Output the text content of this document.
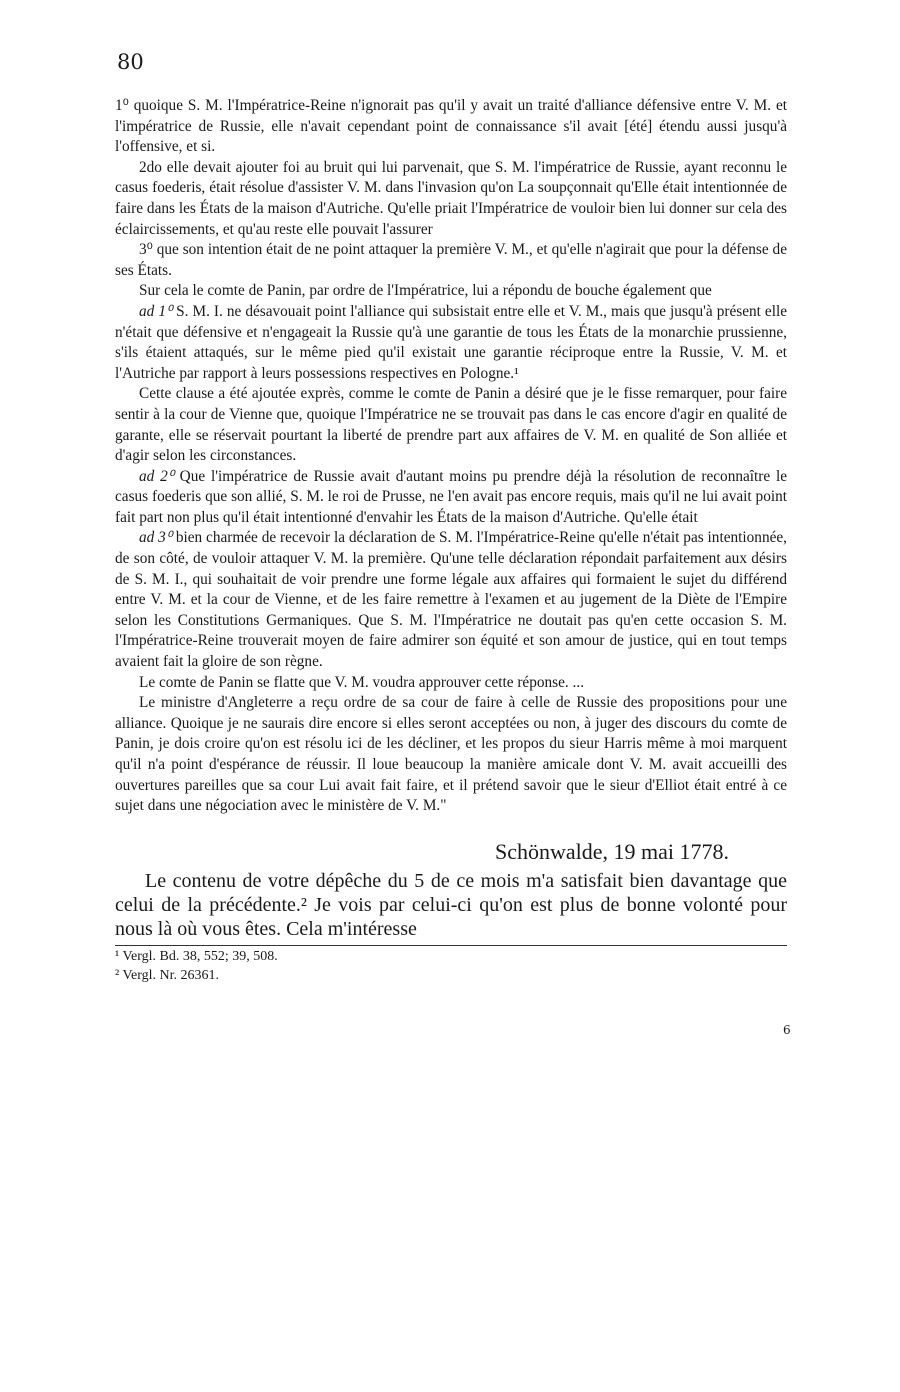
80

1⁰ quoique S. M. l'Impératrice-Reine n'ignorait pas qu'il y avait un traité d'alliance défensive entre V. M. et l'impératrice de Russie, elle n'avait cependant point de connaissance s'il avait [été] étendu aussi jusqu'à l'offensive, et si.

2do elle devait ajouter foi au bruit qui lui parvenait, que S. M. l'impératrice de Russie, ayant reconnu le casus foederis, était résolue d'assister V. M. dans l'invasion qu'on La soupçonnait qu'Elle était intentionnée de faire dans les États de la maison d'Autriche. Qu'elle priait l'Impératrice de vouloir bien lui donner sur cela des éclaircissements, et qu'au reste elle pouvait l'assurer

3⁰ que son intention était de ne point attaquer la première V. M., et qu'elle n'agirait que pour la défense de ses États.

Sur cela le comte de Panin, par ordre de l'Impératrice, lui a répondu de bouche également que

ad 1⁰ S. M. I. ne désavouait point l'alliance qui subsistait entre elle et V. M., mais que jusqu'à présent elle n'était que défensive et n'engageait la Russie qu'à une garantie de tous les États de la monarchie prussienne, s'ils étaient attaqués, sur le même pied qu'il existait une garantie réciproque entre la Russie, V. M. et l'Autriche par rapport à leurs possessions respectives en Pologne.¹

Cette clause a été ajoutée exprès, comme le comte de Panin a désiré que je le fisse remarquer, pour faire sentir à la cour de Vienne que, quoique l'Impératrice ne se trouvait pas dans le cas encore d'agir en qualité de garante, elle se réservait pourtant la liberté de prendre part aux affaires de V. M. en qualité de Son alliée et d'agir selon les circonstances.

ad 2⁰ Que l'impératrice de Russie avait d'autant moins pu prendre déjà la résolution de reconnaître le casus foederis que son allié, S. M. le roi de Prusse, ne l'en avait pas encore requis, mais qu'il ne lui avait point fait part non plus qu'il était intentionné d'envahir les États de la maison d'Autriche. Qu'elle était

ad 3⁰ bien charmée de recevoir la déclaration de S. M. l'Impératrice-Reine qu'elle n'était pas intentionnée, de son côté, de vouloir attaquer V. M. la première. Qu'une telle déclaration répondait parfaitement aux désirs de S. M. I., qui souhaitait de voir prendre une forme légale aux affaires qui formaient le sujet du différend entre V. M. et la cour de Vienne, et de les faire remettre à l'examen et au jugement de la Diète de l'Empire selon les Constitutions Germaniques. Que S. M. l'Impératrice ne doutait pas qu'en cette occasion S. M. l'Impératrice-Reine trouverait moyen de faire admirer son équité et son amour de justice, qui en tout temps avaient fait la gloire de son règne.

Le comte de Panin se flatte que V. M. voudra approuver cette réponse. ...

Le ministre d'Angleterre a reçu ordre de sa cour de faire à celle de Russie des propositions pour une alliance. Quoique je ne saurais dire encore si elles seront acceptées ou non, à juger des discours du comte de Panin, je dois croire qu'on est résolu ici de les décliner, et les propos du sieur Harris même à moi marquent qu'il n'a point d'espérance de réussir. Il loue beaucoup la manière amicale dont V. M. avait accueilli des ouvertures pareilles que sa cour Lui avait fait faire, et il prétend savoir que le sieur d'Elliot était entré à ce sujet dans une négociation avec le ministère de V. M."

Schönwalde, 19 mai 1778.

Le contenu de votre dépêche du 5 de ce mois m'a satisfait bien davantage que celui de la précédente.² Je vois par celui-ci qu'on est plus de bonne volonté pour nous là où vous êtes. Cela m'intéresse

¹ Vergl. Bd. 38, 552; 39, 508.

² Vergl. Nr. 26361.

6
